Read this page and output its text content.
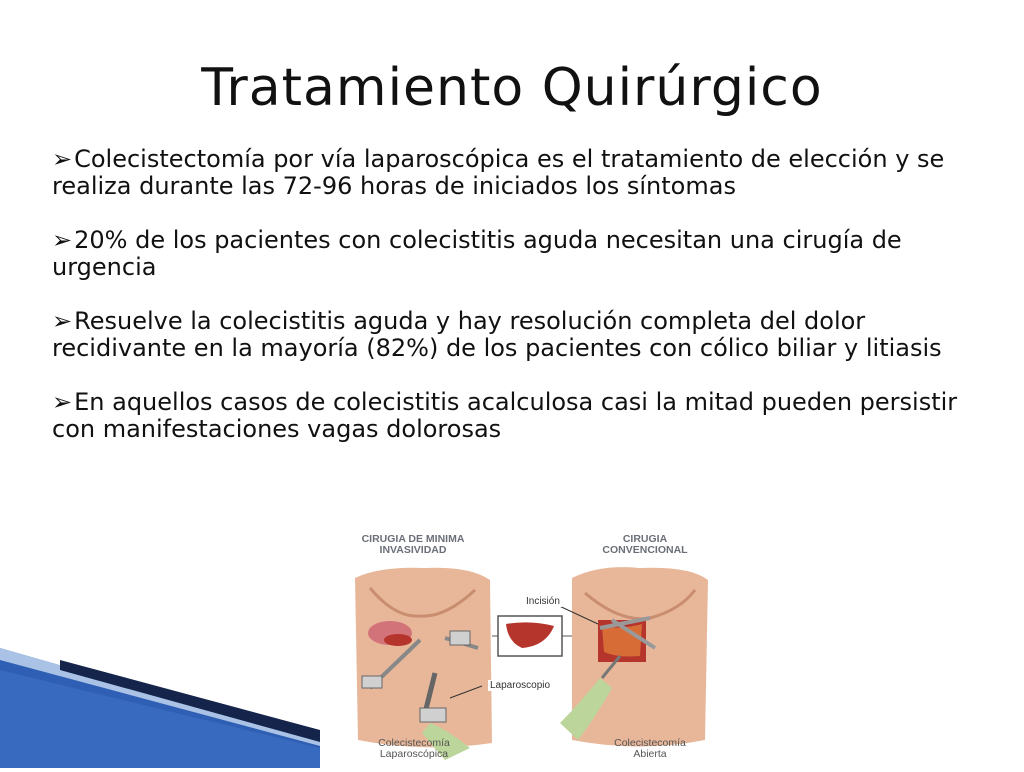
Tratamiento Quirúrgico
➢Colecistectomía por vía laparoscópica es el tratamiento de elección y se realiza durante las 72-96 horas de iniciados los síntomas
➢20% de los pacientes con colecistitis aguda necesitan una cirugía de urgencia
➢Resuelve la colecistitis aguda y hay resolución completa del dolor recidivante en la mayoría (82%) de los pacientes con cólico biliar y litiasis
➢En aquellos casos de colecistitis acalculosa casi la mitad pueden persistir con manifestaciones vagas dolorosas
CIRUGIA DE MINIMA
INVASIVIDAD
CIRUGIA
CONVENCIONAL
Incisión
Laparoscopio
Colecistecomía
Laparoscópica
Colecistecomía
Abierta
